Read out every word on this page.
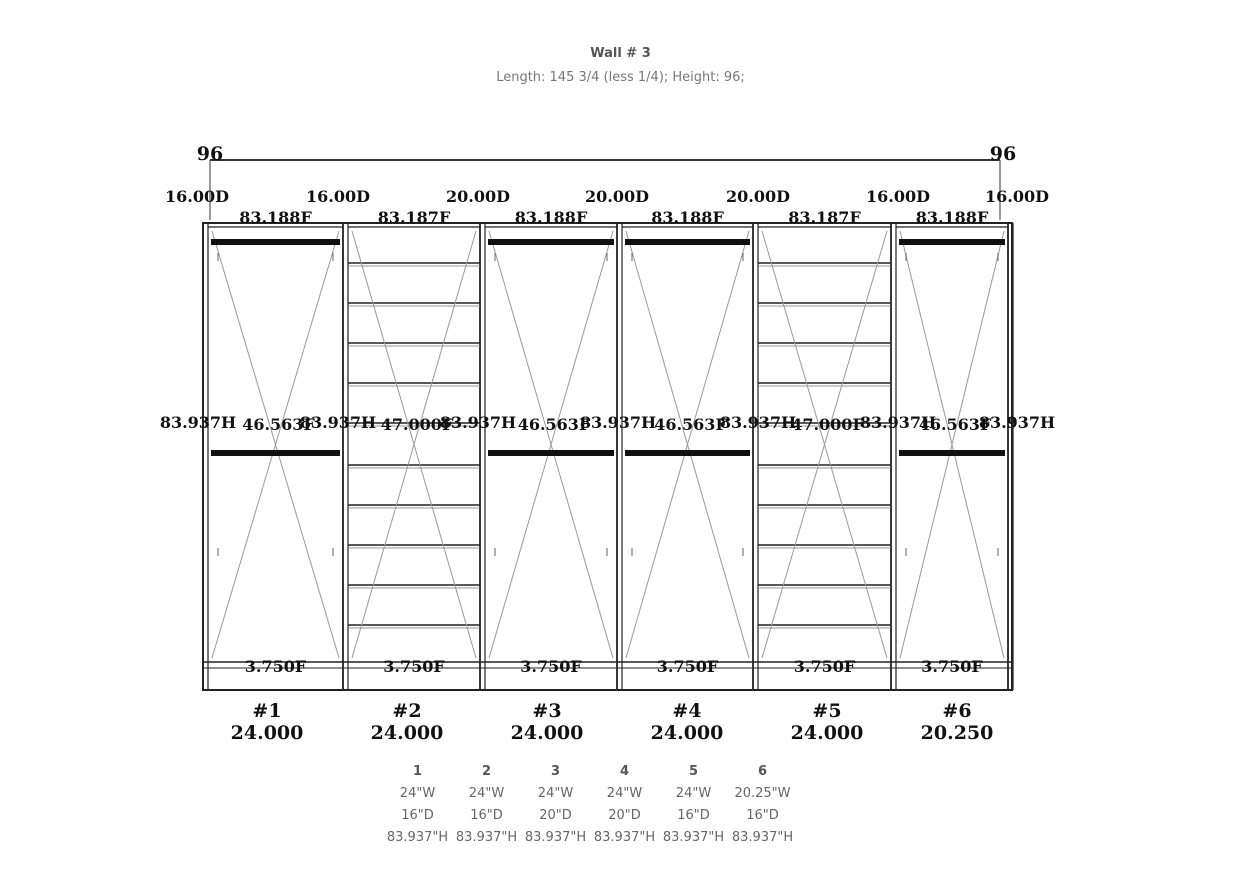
Wall # 3
Length: 145 3/4 (less 1/4); Height: 96;
83.188F
46.563F
3.750F
#1
24.000
83.187F
47.000F
3.750F
#2
24.000
83.188F
46.563F
3.750F
#3
24.000
83.188F
46.563F
3.750F
#4
24.000
83.187F
47.000F
3.750F
#5
24.000
83.188F
46.563F
3.750F
#6
20.250
96	96
16.00D	16.00D	20.00D	20.00D	20.00D	16.00D	16.00D
83.937H	83.937H	83.937H	83.937H	83.937H	83.937H	83.937H
1	2	3	4	5	6
24"W	24"W	24"W	24"W	24"W	20.25"W
16"D	16"D	20"D	20"D	16"D	16"D
83.937"H	83.937"H	83.937"H	83.937"H	83.937"H	83.937"H
